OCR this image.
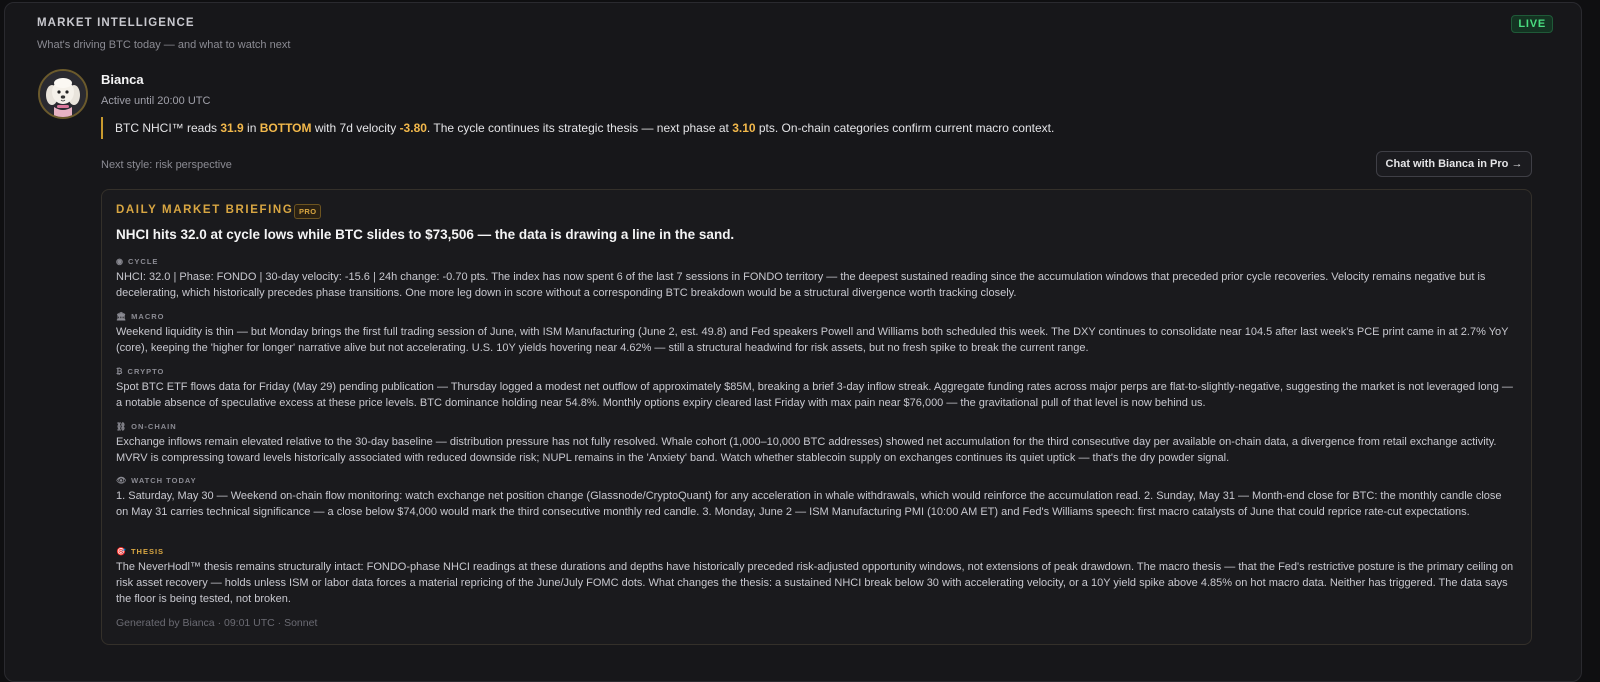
MARKET INTELLIGENCE
What's driving BTC today — and what to watch next
LIVE
Bianca
Active until 20:00 UTC
BTC NHCI™ reads 31.9 in BOTTOM with 7d velocity -3.80. The cycle continues its strategic thesis — next phase at 3.10 pts. On-chain categories confirm current macro context.
Next style: risk perspective	Chat with Bianca in Pro →
DAILY MARKET BRIEFING PRO
NHCI hits 32.0 at cycle lows while BTC slides to $73,506 — the data is drawing a line in the sand.
◉ CYCLE
NHCI: 32.0 | Phase: FONDO | 30-day velocity: -15.6 | 24h change: -0.70 pts. The index has now spent 6 of the last 7 sessions in FONDO territory — the deepest sustained reading since the accumulation windows that preceded prior cycle recoveries. Velocity remains negative but is decelerating, which historically precedes phase transitions. One more leg down in score without a corresponding BTC breakdown would be a structural divergence worth tracking closely.
🏛 MACRO
Weekend liquidity is thin — but Monday brings the first full trading session of June, with ISM Manufacturing (June 2, est. 49.8) and Fed speakers Powell and Williams both scheduled this week. The DXY continues to consolidate near 104.5 after last week's PCE print came in at 2.7% YoY (core), keeping the 'higher for longer' narrative alive but not accelerating. U.S. 10Y yields hovering near 4.62% — still a structural headwind for risk assets, but no fresh spike to break the current range.
₿ CRYPTO
Spot BTC ETF flows data for Friday (May 29) pending publication — Thursday logged a modest net outflow of approximately $85M, breaking a brief 3-day inflow streak. Aggregate funding rates across major perps are flat-to-slightly-negative, suggesting the market is not leveraged long — a notable absence of speculative excess at these price levels. BTC dominance holding near 54.8%. Monthly options expiry cleared last Friday with max pain near $76,000 — the gravitational pull of that level is now behind us.
⛓ ON-CHAIN
Exchange inflows remain elevated relative to the 30-day baseline — distribution pressure has not fully resolved. Whale cohort (1,000–10,000 BTC addresses) showed net accumulation for the third consecutive day per available on-chain data, a divergence from retail exchange activity. MVRV is compressing toward levels historically associated with reduced downside risk; NUPL remains in the 'Anxiety' band. Watch whether stablecoin supply on exchanges continues its quiet uptick — that's the dry powder signal.
👁 WATCH TODAY
1. Saturday, May 30 — Weekend on-chain flow monitoring: watch exchange net position change (Glassnode/CryptoQuant) for any acceleration in whale withdrawals, which would reinforce the accumulation read. 2. Sunday, May 31 — Month-end close for BTC: the monthly candle close on May 31 carries technical significance — a close below $74,000 would mark the third consecutive monthly red candle. 3. Monday, June 2 — ISM Manufacturing PMI (10:00 AM ET) and Fed's Williams speech: first macro catalysts of June that could reprice rate-cut expectations.
🎯 THESIS
The NeverHodl™ thesis remains structurally intact: FONDO-phase NHCI readings at these durations and depths have historically preceded risk-adjusted opportunity windows, not extensions of peak drawdown. The macro thesis — that the Fed's restrictive posture is the primary ceiling on risk asset recovery — holds unless ISM or labor data forces a material repricing of the June/July FOMC dots. What changes the thesis: a sustained NHCI break below 30 with accelerating velocity, or a 10Y yield spike above 4.85% on hot macro data. Neither has triggered. The data says the floor is being tested, not broken.
Generated by Bianca · 09:01 UTC · Sonnet
